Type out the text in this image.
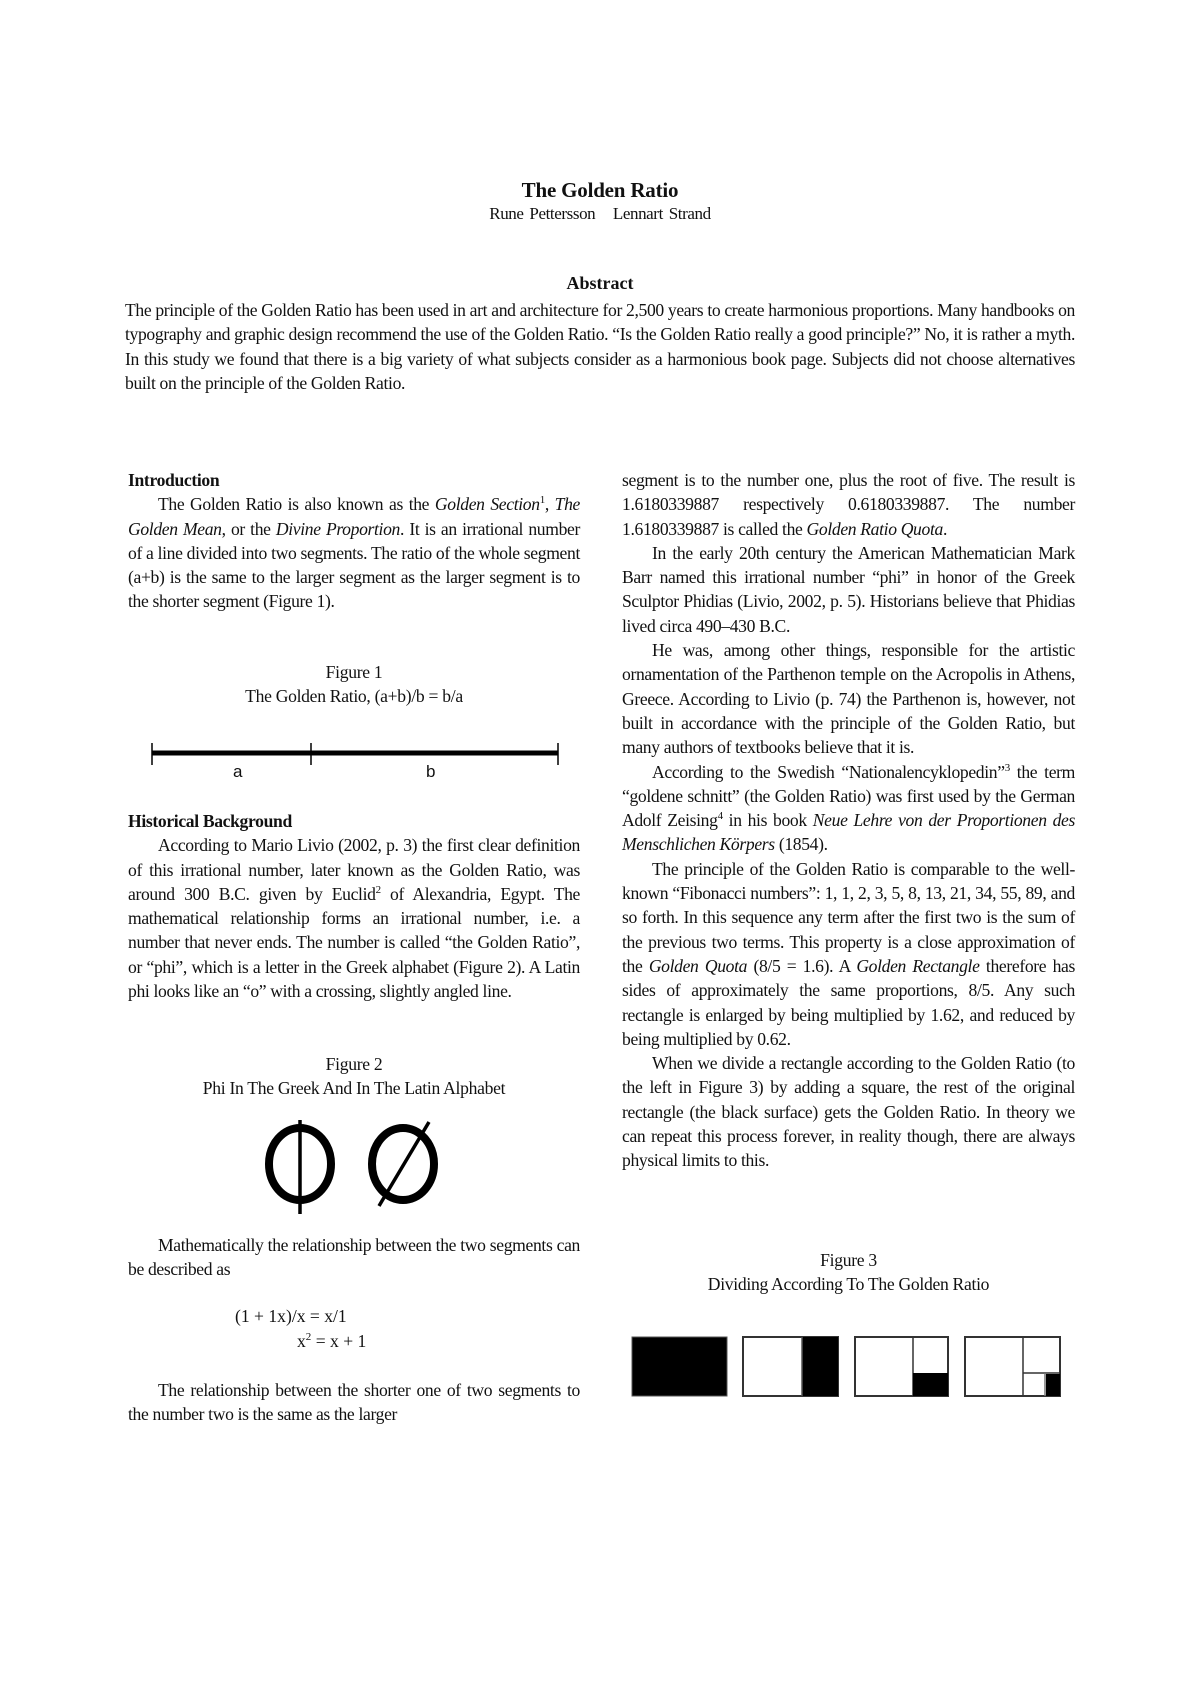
The Golden Ratio
Rune Pettersson   Lennart Strand
Abstract
The principle of the Golden Ratio has been used in art and architecture for 2,500 years to create harmonious proportions. Many handbooks on typography and graphic design recommend the use of the Golden Ratio. “Is the Golden Ratio really a good principle?” No, it is rather a myth. In this study we found that there is a big variety of what subjects consider as a harmonious book page. Subjects did not choose alternatives built on the principle of the Golden Ratio.
Introduction

The Golden Ratio is also known as the Golden Section$^1$, The Golden Mean, or the Divine Proportion. It is an irrational number of a line divided into two segments. The ratio of the whole segment (a+b) is the same to the larger segment as the larger segment is to the shorter segment (Figure 1).

Figure 1
The Golden Ratio, (a+b)/b = b/a
a	b
Historical Background

According to Mario Livio (2002, p. 3) the first clear definition of this irrational number, later known as the Golden Ratio, was around 300 B.C. given by Euclid$^2$ of Alexandria, Egypt. The mathematical relationship forms an irrational number, i.e. a number that never ends. The number is called “the Golden Ratio”, or “phi”, which is a letter in the Greek alphabet (Figure 2). A Latin phi looks like an “o” with a crossing, slightly angled line.

Figure 2
Phi In The Greek And In The Latin Alphabet

Mathematically the relationship between the two segments can be described as

(1 + 1x)/x = x/1
$x^2 = x + 1$

The relationship between the shorter one of two segments to the number two is the same as the larger

segment is to the number one, plus the root of five. The result is 1.6180339887 respectively 0.6180339887. The number 1.6180339887 is called the Golden Ratio Quota.

In the early 20th century the American Mathematician Mark Barr named this irrational number “phi” in honor of the Greek Sculptor Phidias (Livio, 2002, p. 5). Historians believe that Phidias lived circa 490–430 B.C.

He was, among other things, responsible for the artistic ornamentation of the Parthenon temple on the Acropolis in Athens, Greece. According to Livio (p. 74) the Parthenon is, however, not built in accordance with the principle of the Golden Ratio, but many authors of textbooks believe that it is.

According to the Swedish “Nationalencyklopedin”$^3$ the term “goldene schnitt” (the Golden Ratio) was first used by the German Adolf Zeising$^4$ in his book Neue Lehre von der Proportionen des Menschlichen Körpers (1854).

The principle of the Golden Ratio is comparable to the well-known “Fibonacci numbers”: 1, 1, 2, 3, 5, 8, 13, 21, 34, 55, 89, and so forth. In this sequence any term after the first two is the sum of the previous two terms. This property is a close approximation of the Golden Quota (8/5 = 1.6). A Golden Rectangle therefore has sides of approximately the same proportions, 8/5. Any such rectangle is enlarged by being multiplied by 1.62, and reduced by being multiplied by 0.62.

When we divide a rectangle according to the Golden Ratio (to the left in Figure 3) by adding a square, the rest of the original rectangle (the black surface) gets the Golden Ratio. In theory we can repeat this process forever, in reality though, there are always physical limits to this.

Figure 3
Dividing According To The Golden Ratio
